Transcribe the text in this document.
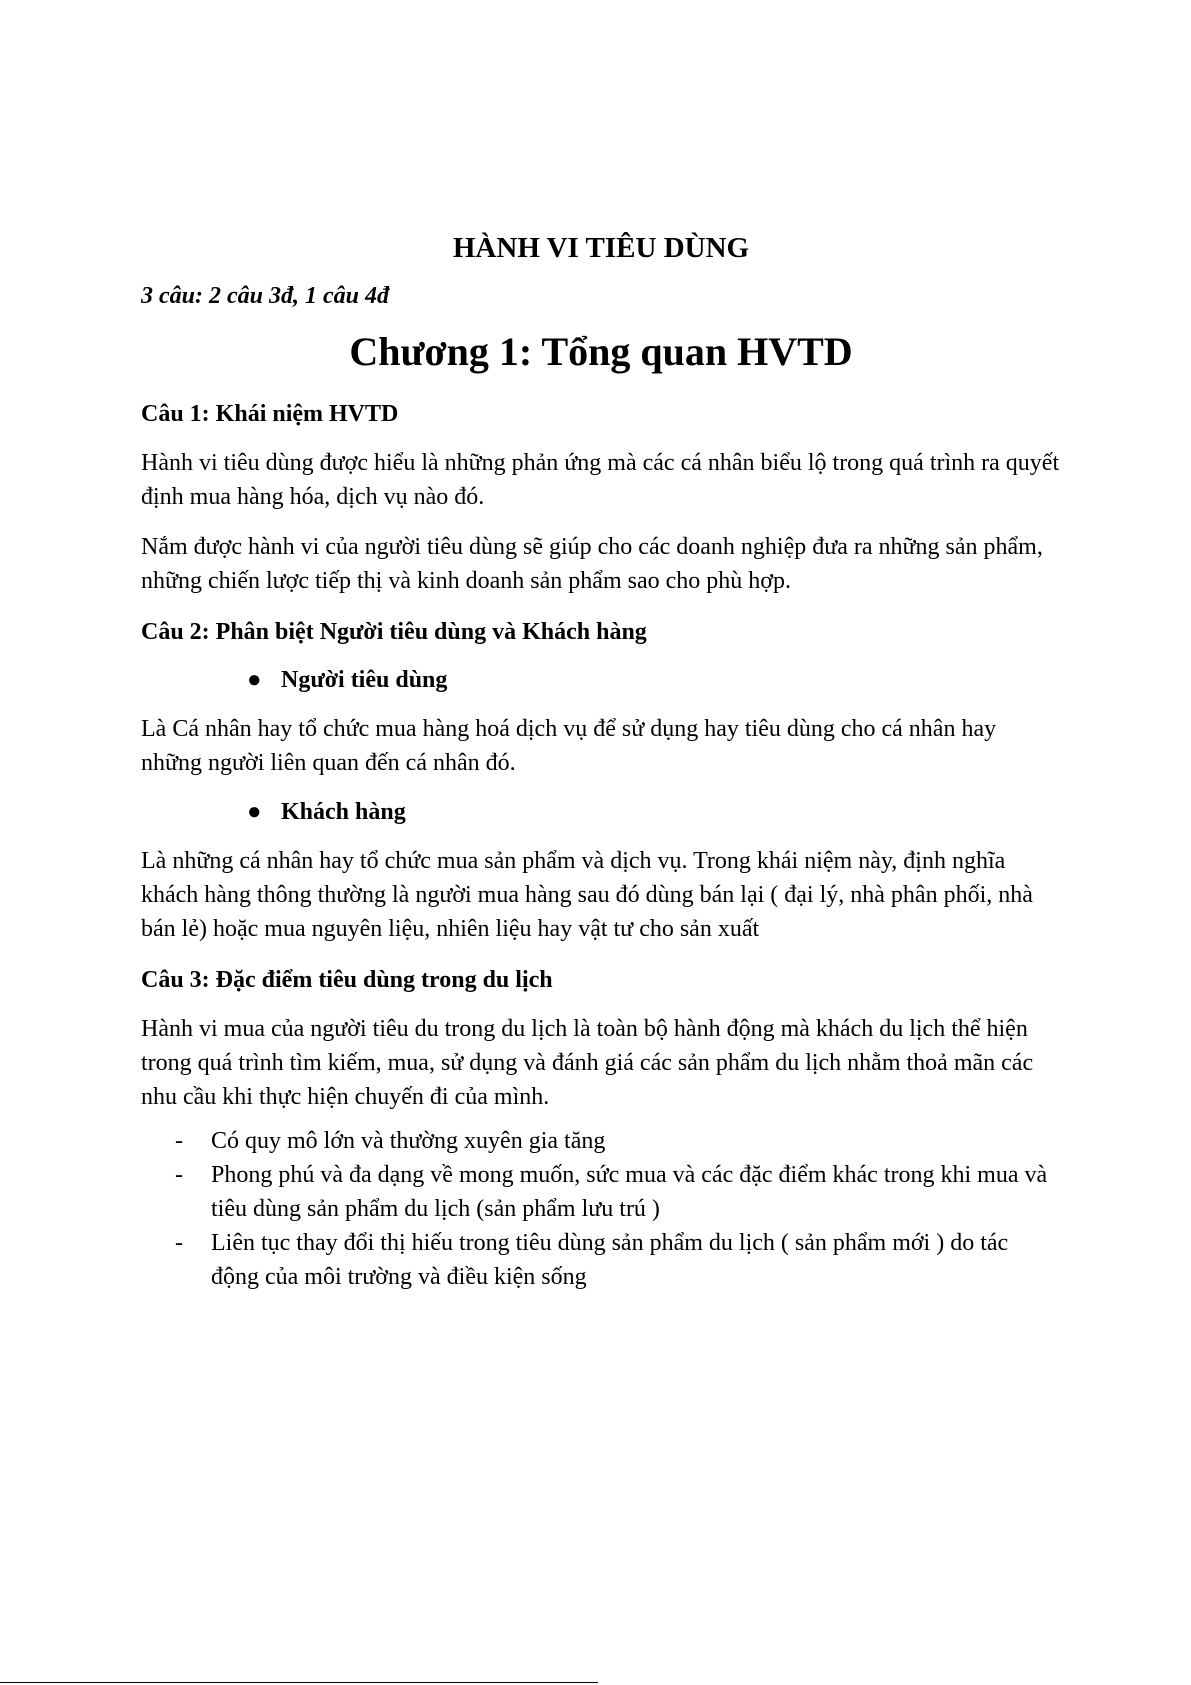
HÀNH VI TIÊU DÙNG

3 câu: 2 câu 3đ, 1 câu 4đ

Chương 1: Tổng quan HVTD
Câu 1: Khái niệm HVTD

Hành vi tiêu dùng được hiểu là những phản ứng mà các cá nhân biểu lộ trong quá trình ra quyết định mua hàng hóa, dịch vụ nào đó.

Nắm được hành vi của người tiêu dùng sẽ giúp cho các doanh nghiệp đưa ra những sản phẩm, những chiến lược tiếp thị và kinh doanh sản phẩm sao cho phù hợp.

Câu 2: Phân biệt Người tiêu dùng và Khách hàng
● Người tiêu dùng

Là Cá nhân hay tổ chức mua hàng hoá dịch vụ để sử dụng hay tiêu dùng cho cá nhân hay những người liên quan đến cá nhân đó.

● Khách hàng

Là những cá nhân hay tổ chức mua sản phẩm và dịch vụ. Trong khái niệm này, định nghĩa khách hàng thông thường là người mua hàng sau đó dùng bán lại ( đại lý, nhà phân phối, nhà bán lẻ) hoặc mua nguyên liệu, nhiên liệu hay vật tư cho sản xuất

Câu 3: Đặc điểm tiêu dùng trong du lịch

Hành vi mua của người tiêu du trong du lịch là toàn bộ hành động mà khách du lịch thể hiện trong quá trình tìm kiếm, mua, sử dụng và đánh giá các sản phẩm du lịch nhằm thoả mãn các nhu cầu khi thực hiện chuyến đi của mình.

- Có quy mô lớn và thường xuyên gia tăng
- Phong phú và đa dạng về mong muốn, sức mua và các đặc điểm khác trong khi mua và tiêu dùng sản phẩm du lịch (sản phẩm lưu trú )
- Liên tục thay đổi thị hiếu trong tiêu dùng sản phẩm du lịch ( sản phẩm mới ) do tác động của môi trường và điều kiện sống
